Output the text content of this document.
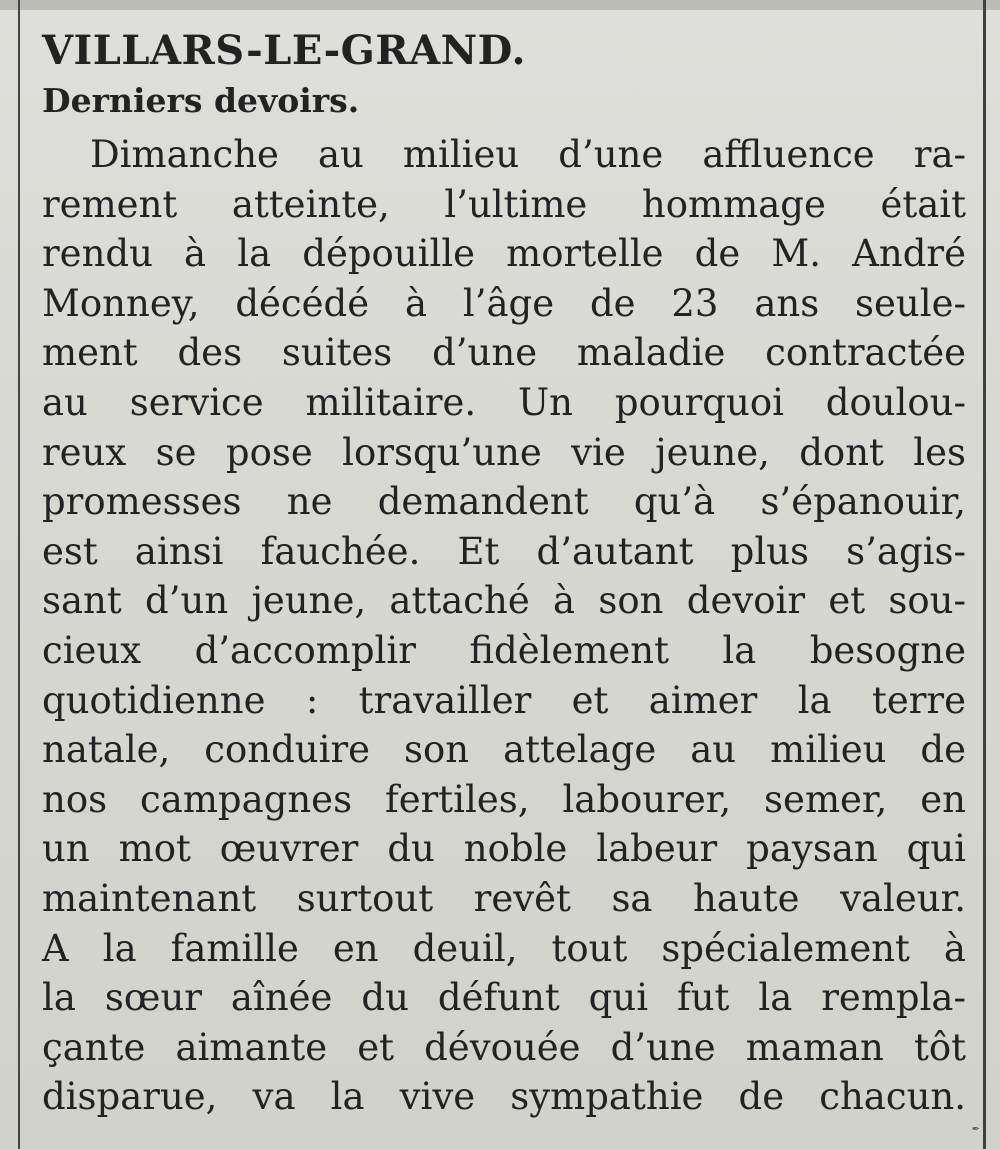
VILLARS-LE-GRAND.
Derniers devoirs.
Dimanche au milieu d’une affluence ra-
rement atteinte, l’ultime hommage était
rendu à la dépouille mortelle de M. André
Monney, décédé à l’âge de 23 ans seule-
ment des suites d’une maladie contractée
au service militaire. Un pourquoi doulou-
reux se pose lorsqu’une vie jeune, dont les
promesses ne demandent qu’à s’épanouir,
est ainsi fauchée. Et d’autant plus s’agis-
sant d’un jeune, attaché à son devoir et sou-
cieux d’accomplir fidèlement la besogne
quotidienne : travailler et aimer la terre
natale, conduire son attelage au milieu de
nos campagnes fertiles, labourer, semer, en
un mot œuvrer du noble labeur paysan qui
maintenant surtout revêt sa haute valeur.
A la famille en deuil, tout spécialement à
la sœur aînée du défunt qui fut la rempla-
çante aimante et dévouée d’une maman tôt
disparue, va la vive sympathie de chacun.
✒
